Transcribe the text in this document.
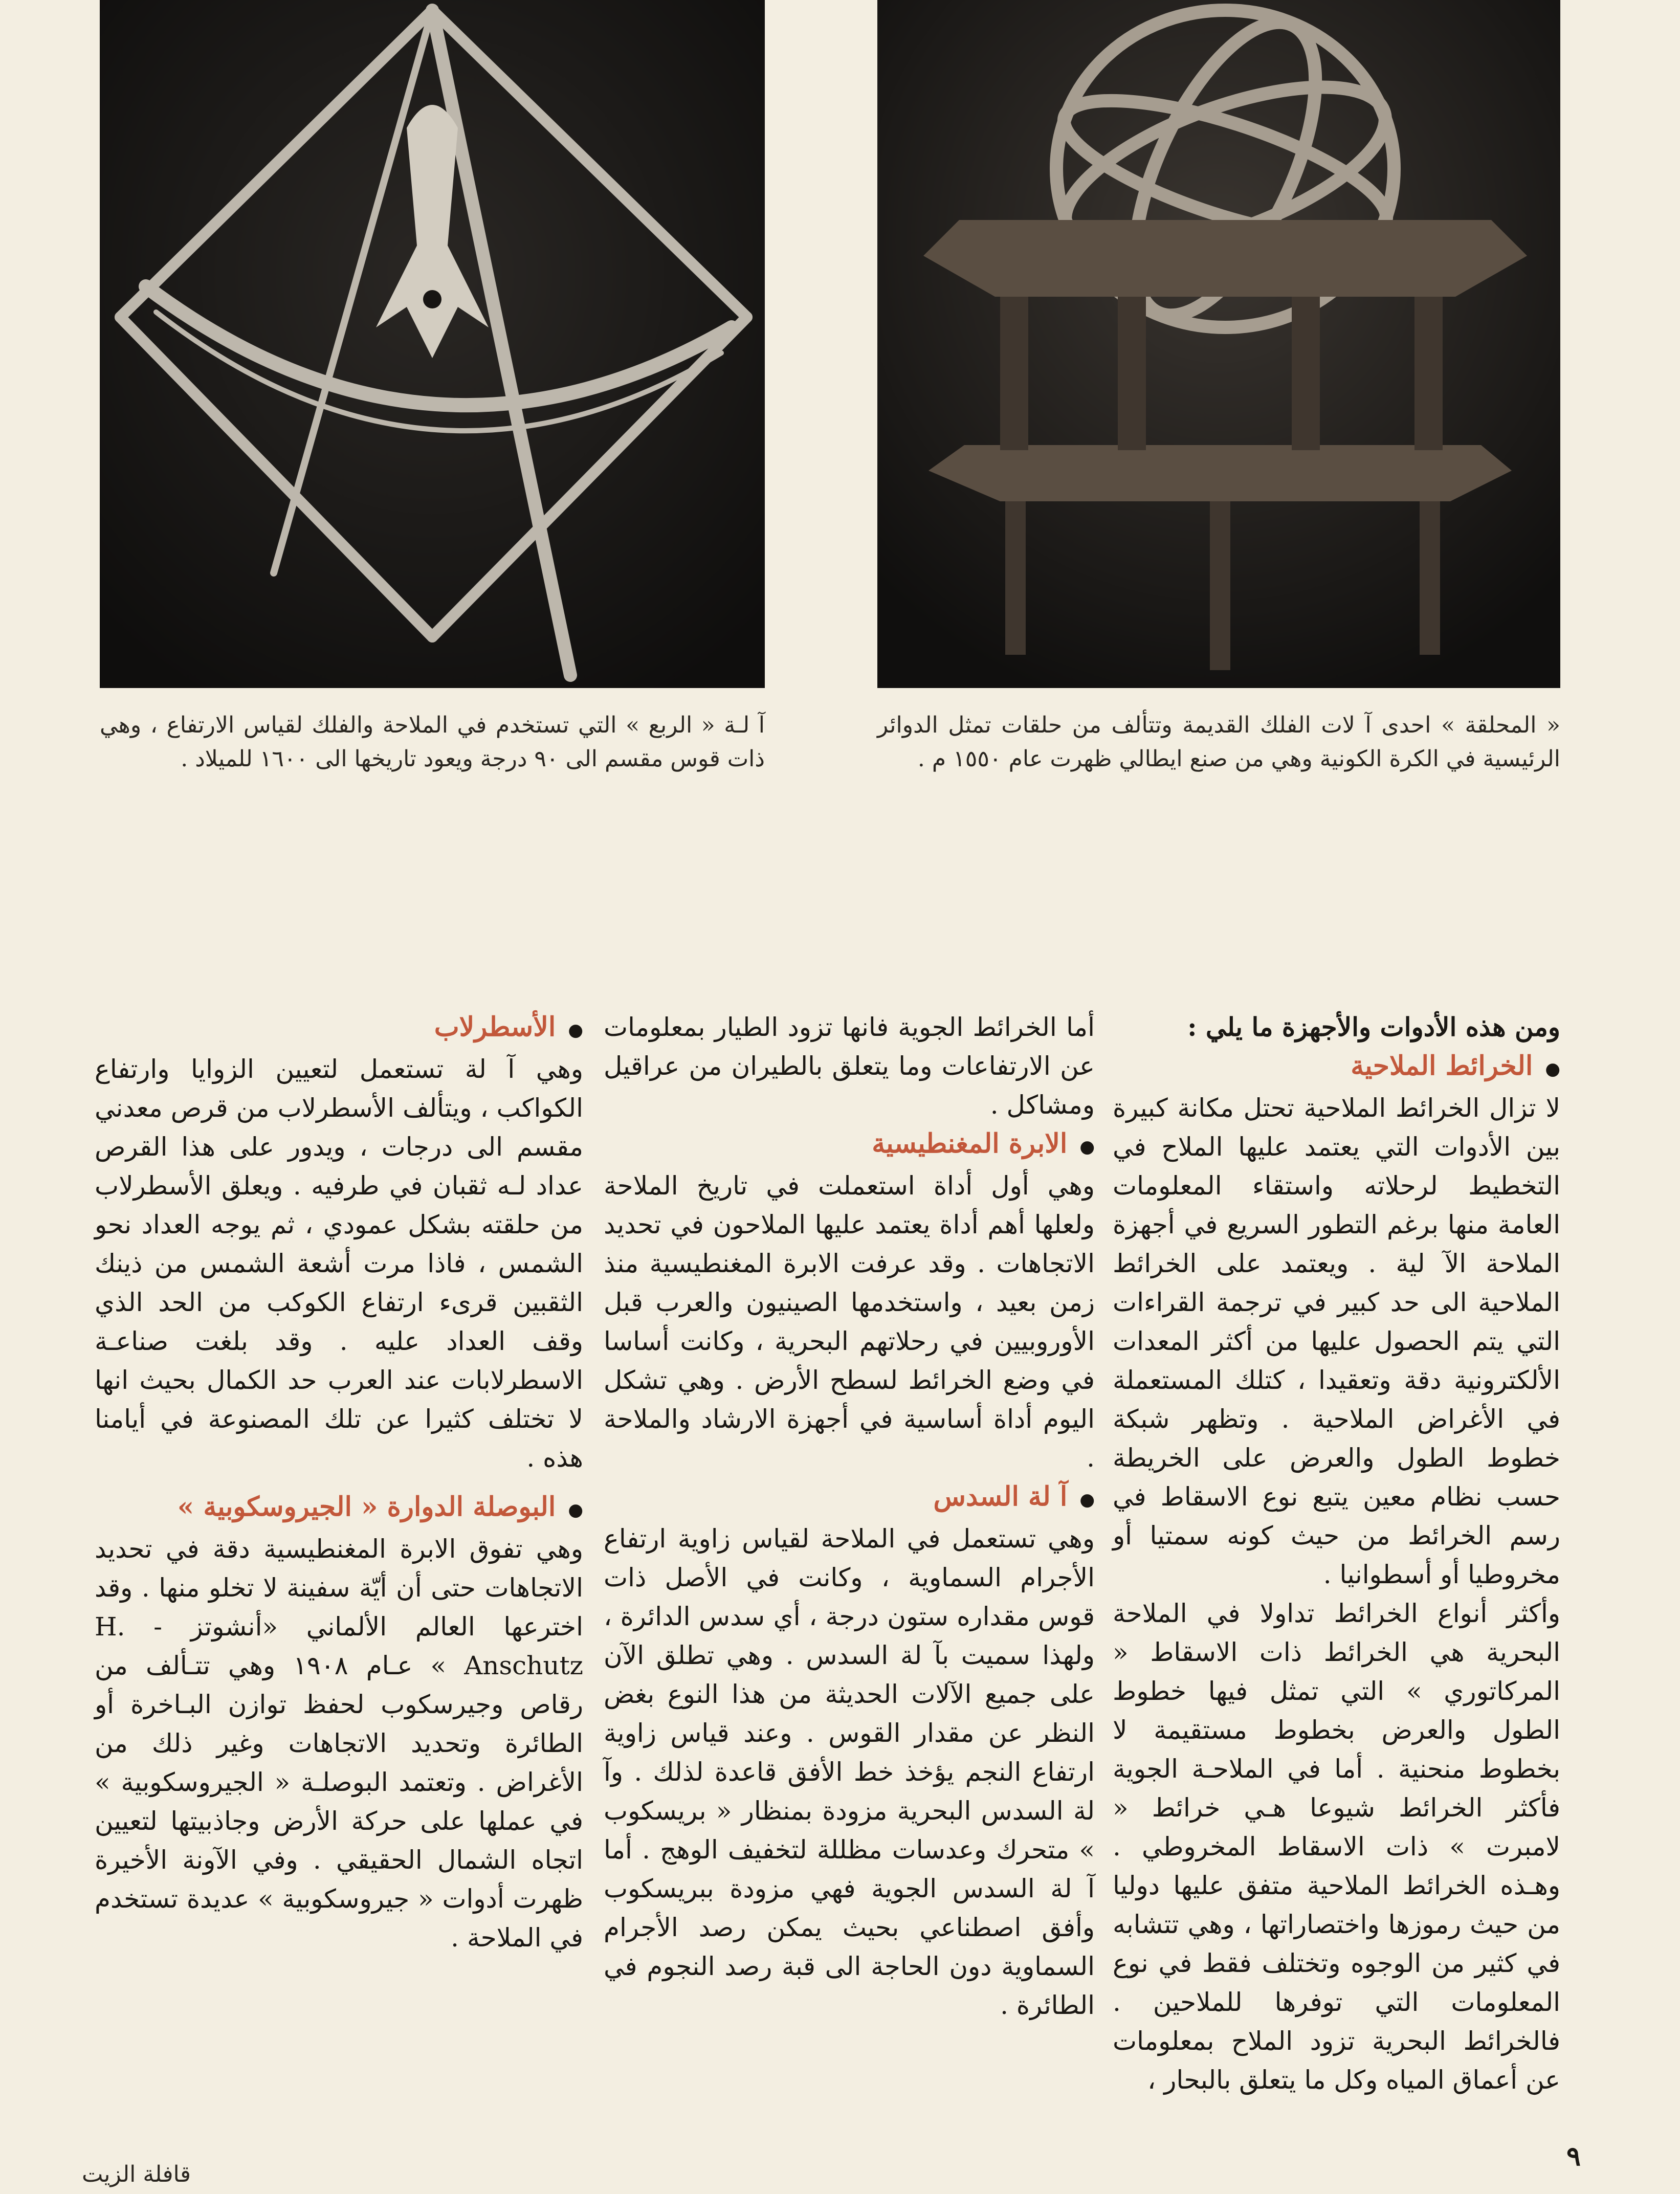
آ لـة « الربع » التي تستخدم في الملاحة والفلك لقياس الارتفاع ، وهي ذات قوس مقسم الى ٩٠ درجة ويعود تاريخها الى ١٦٠٠ للميلاد .
« المحلقة » احدى آ لات الفلك القديمة وتتألف من حلقات تمثل الدوائر الرئيسية في الكرة الكونية وهي من صنع ايطالي ظهرت عام ١٥٥٠ م .

ومن هذه الأدوات والأجهزة ما يلي :

●الخرائط الملاحية

لا تزال الخرائط الملاحية تحتل مكانة كبيرة بين الأدوات التي يعتمد عليها الملاح في التخطيط لرحلاته واستقاء المعلومات العامة منها برغم التطور السريع في أجهزة الملاحة الآ لية . ويعتمد على الخرائط الملاحية الى حد كبير في ترجمة القراءات التي يتم الحصول عليها من أكثر المعدات الألكترونية دقة وتعقيدا ، كتلك المستعملة في الأغراض الملاحية . وتظهر شبكة خطوط الطول والعرض على الخريطة حسب نظام معين يتبع نوع الاسقاط في رسم الخرائط من حيث كونه سمتيا أو مخروطيا أو أسطوانيا .

وأكثر أنواع الخرائط تداولا في الملاحة البحرية هي الخرائط ذات الاسقاط « المركاتوري » التي تمثل فيها خطوط الطول والعرض بخطوط مستقيمة لا بخطوط منحنية . أما في الملاحـة الجوية فأكثر الخرائط شيوعا هـي خرائط « لامبرت » ذات الاسقاط المخروطي . وهـذه الخرائط الملاحية متفق عليها دوليا من حيث رموزها واختصاراتها ، وهي تتشابه في كثير من الوجوه وتختلف فقط في نوع المعلومات التي توفرها للملاحين . فالخرائط البحرية تزود الملاح بمعلومات عن أعماق المياه وكل ما يتعلق بالبحار ،

أما الخرائط الجوية فانها تزود الطيار بمعلومات عن الارتفاعات وما يتعلق بالطيران من عراقيل ومشاكل .

●الابرة المغنطيسية

وهي أول أداة استعملت في تاريخ الملاحة ولعلها أهم أداة يعتمد عليها الملاحون في تحديد الاتجاهات . وقد عرفت الابرة المغنطيسية منذ زمن بعيد ، واستخدمها الصينيون والعرب قبل الأوروبيين في رحلاتهم البحرية ، وكانت أساسا في وضع الخرائط لسطح الأرض . وهي تشكل اليوم أداة أساسية في أجهزة الارشاد والملاحة .

●آ لة السدس

وهي تستعمل في الملاحة لقياس زاوية ارتفاع الأجرام السماوية ، وكانت في الأصل ذات قوس مقداره ستون درجة ، أي سدس الدائرة ، ولهذا سميت بآ لة السدس . وهي تطلق الآن على جميع الآلات الحديثة من هذا النوع بغض النظر عن مقدار القوس . وعند قياس زاوية ارتفاع النجم يؤخذ خط الأفق قاعدة لذلك . وآ لة السدس البحرية مزودة بمنظار « بريسكوب » متحرك وعدسات مظللة لتخفيف الوهج . أما آ لة السدس الجوية فهي مزودة ببريسكوب وأفق اصطناعي بحيث يمكن رصد الأجرام السماوية دون الحاجة الى قبة رصد النجوم في الطائرة .

●الأسطرلاب

وهي آ لة تستعمل لتعيين الزوايا وارتفاع الكواكب ، ويتألف الأسطرلاب من قرص معدني مقسم الى درجات ، ويدور على هذا القرص عداد لـه ثقبان في طرفيه . ويعلق الأسطرلاب من حلقته بشكل عمودي ، ثم يوجه العداد نحو الشمس ، فاذا مرت أشعة الشمس من ذينك الثقبين قرىء ارتفاع الكوكب من الحد الذي وقف العداد عليه . وقد بلغت صناعـة الاسطرلابات عند العرب حد الكمال بحيث انها لا تختلف كثيرا عن تلك المصنوعة في أيامنا هذه .

●البوصلة الدوارة « الجيروسكوبية »

وهي تفوق الابرة المغنطيسية دقة في تحديد الاتجاهات حتى أن أيّة سفينة لا تخلو منها . وقد اخترعها العالم الألماني «أنشوتز - H. Anschutz » عـام ١٩٠٨ وهي تتـألف من رقاص وجيرسكوب لحفظ توازن البـاخرة أو الطائرة وتحديد الاتجاهات وغير ذلك من الأغراض . وتعتمد البوصلـة « الجيروسكوبية » في عملها على حركة الأرض وجاذبيتها لتعيين اتجاه الشمال الحقيقي . وفي الآونة الأخيرة ظهرت أدوات « جيروسكوبية » عديدة تستخدم في الملاحة .

٩
قافلة الزيت
